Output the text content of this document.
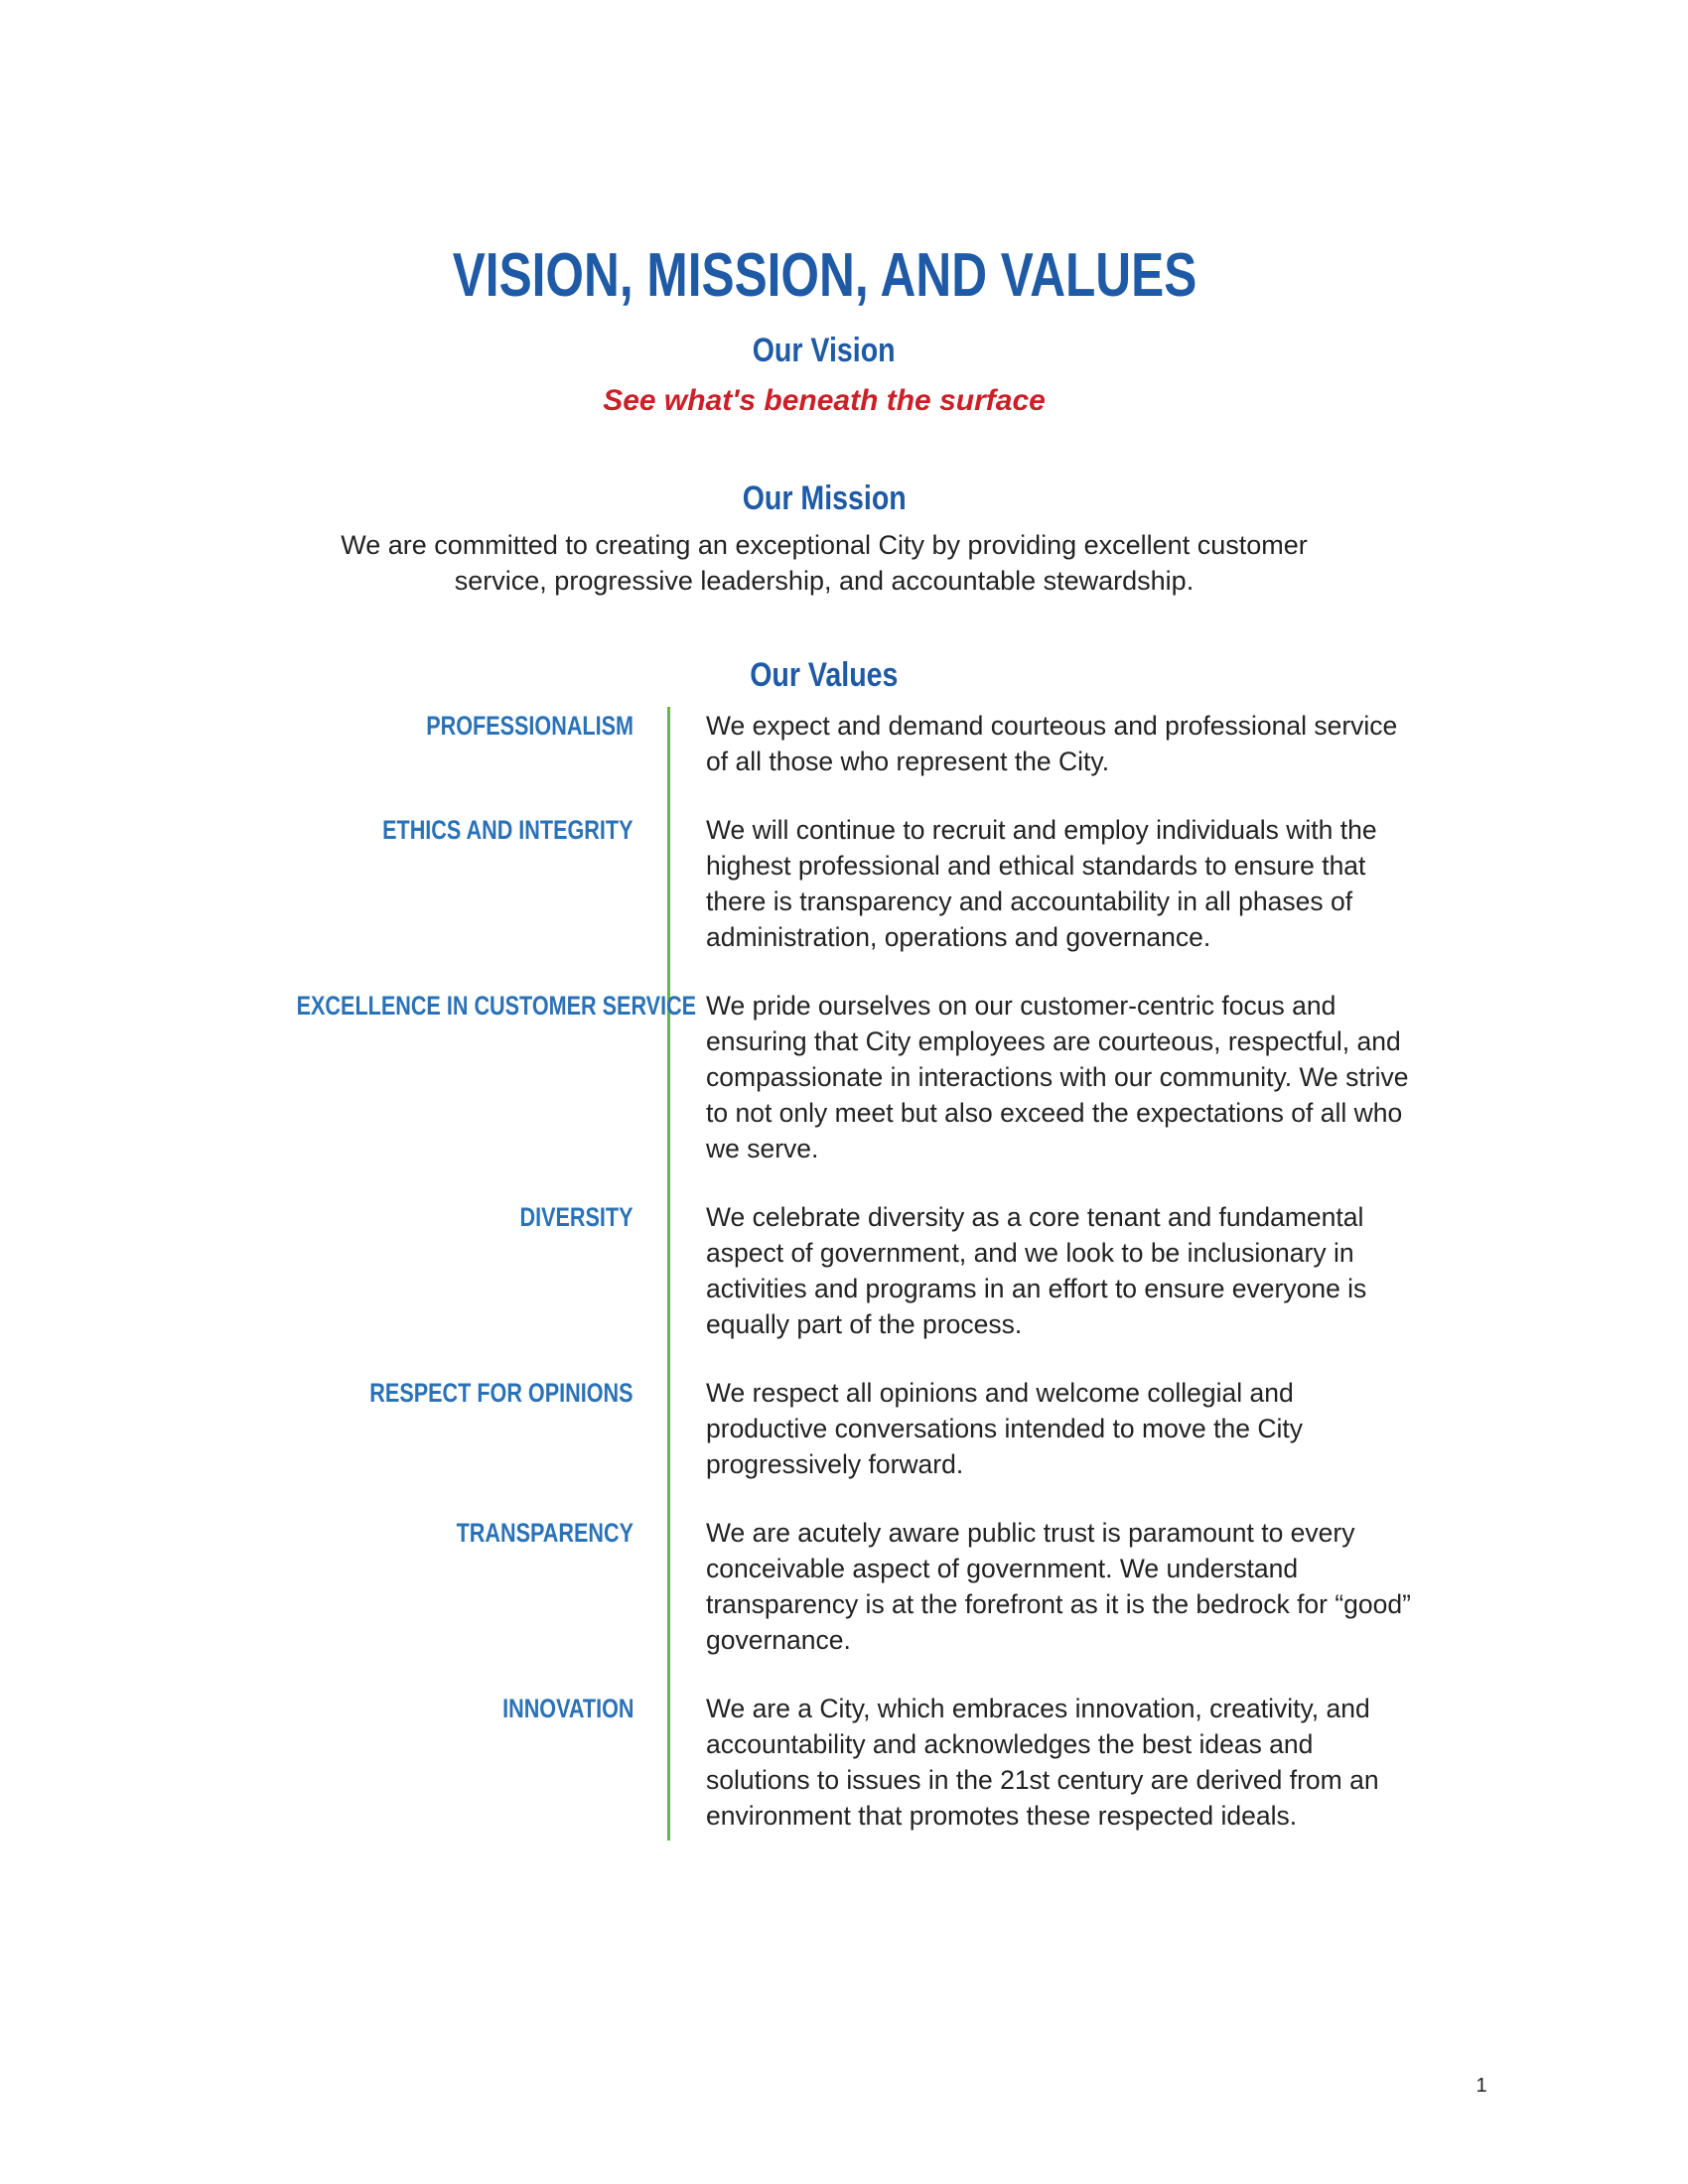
VISION, MISSION, AND VALUES
Our Vision
See what's beneath the surface
Our Mission
We are committed to creating an exceptional City by providing excellent customer service, progressive leadership, and accountable stewardship.
Our Values
PROFESSIONALISM	We expect and demand courteous and professional service of all those who represent the City.
ETHICS AND INTEGRITY	We will continue to recruit and employ individuals with the highest professional and ethical standards to ensure that there is transparency and accountability in all phases of administration, operations and governance.
EXCELLENCE IN CUSTOMER SERVICE We pride ourselves on our customer-centric focus and ensuring that City employees are courteous, respectful, and compassionate in interactions with our community. We strive to not only meet but also exceed the expectations of all who we serve.
DIVERSITY	We celebrate diversity as a core tenant and fundamental aspect of government, and we look to be inclusionary in activities and programs in an effort to ensure everyone is equally part of the process.
RESPECT FOR OPINIONS	We respect all opinions and welcome collegial and productive conversations intended to move the City progressively forward.
TRANSPARENCY	We are acutely aware public trust is paramount to every conceivable aspect of government. We understand transparency is at the forefront as it is the bedrock for “good” governance.
INNOVATION	We are a City, which embraces innovation, creativity, and accountability and acknowledges the best ideas and solutions to issues in the 21st century are derived from an environment that promotes these respected ideals.
1
